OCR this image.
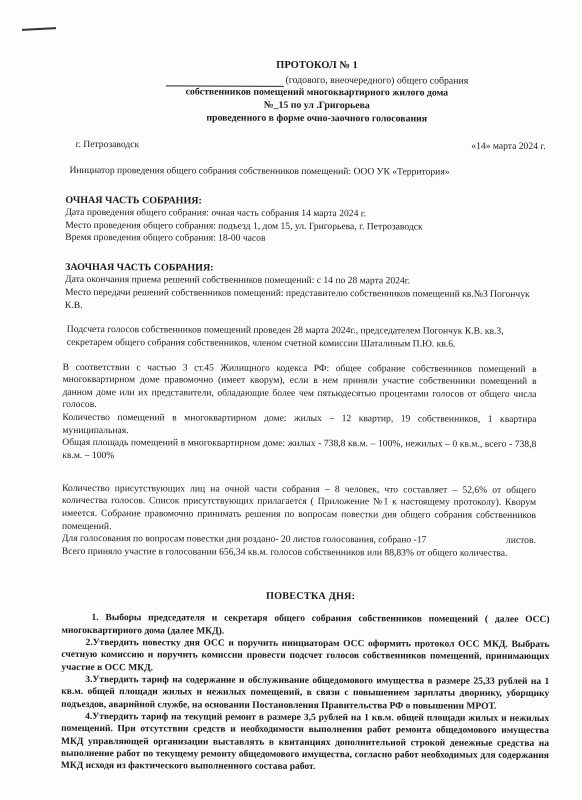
ПРОТОКОЛ № 1
(годового, внеочередного) общего собрания
собственников помещений многоквартирного жилого дома
№_15 по ул .Григорьева
проведенного в форме очно-заочного голосования
г. Петрозаводск	«14» марта 2024 г.

Инициатор проведения общего собрания собственников помещений: ООО УК «Территория»

ОЧНАЯ ЧАСТЬ СОБРАНИЯ:

Дата проведения общего собрания: очная часть собрания 14 марта 2024 г.

Место проведения общего собрания: подъезд 1, дом 15, ул. Григорьева, г. Петрозаводск

Время проведения общего собрания: 18-00 часов

ЗАОЧНАЯ ЧАСТЬ СОБРАНИЯ:

Дата окончания приема решений собственников помещений: с 14 по 28 марта 2024г.

Место передачи решений собственников помещений: представителю собственников помещений кв.№3 Погончук К.В.

Подсчета голосов собственников помещений проведен 28 марта 2024г., председателем Погончук К.В. кв.3, секретарем общего собрания собственников, членом счетной комиссии Шаталиным П.Ю. кв.6.

В соответствии с частью 3 ст.45 Жилищного кодекса РФ: общее собрание собственников помещений в многоквартирном доме правомочно (имеет кворум), если в нем приняли участие собственники помещений в данном доме или их представители, обладающие более чем пятьюдесятью процентами голосов от общего числа голосов.

Количество помещений в многоквартирном доме: жилых – 12 квартир, 19 собственников, 1 квартира муниципальная.

Общая площадь помещений в многоквартирном доме: жилых - 738,8 кв.м. – 100%, нежилых – 0 кв.м., всего - 738,8 кв.м. – 100%

Количество присутствующих лиц на очной части собрания – 8 человек, что составляет – 52,6% от общего количества голосов. Список присутствующих прилагается ( Приложение №1 к настоящему протоколу). Кворум имеется. Собрание правомочно принимать решения по вопросам повестки дня общего собрания собственников помещений.

Для голосования по вопросам повестки дня роздано- 20 листов голосования, собрано -17	листов.

Всего приняло участие в голосовании 656,34 кв.м. голосов собственников или 88,83% от общего количества.

ПОВЕСТКА ДНЯ:

1. Выборы председателя и секретаря общего собрания собственников помещений ( далее ОСС) многоквартирного дома (далее МКД).

2.Утвердить повестку дня ОСС и поручить инициаторам ОСС оформить протокол ОСС МКД. Выбрать счетную комиссию и поручить комиссии провести подсчет голосов собственников помещений, принимающих участие в ОСС МКД.

3.Утвердить тариф на содержание и обслуживание общедомового имущества в размере 25,33 рублей на 1 кв.м. общей площади жилых и нежилых помещений, в связи с повышением зарплаты дворнику, уборщику подъездов, аварийной службе, на основании Постановления Правительства РФ о повышении МРОТ.

4.Утвердить тариф на текущий ремонт в размере 3,5 рублей на 1 кв.м. общей площади жилых и нежилых помещений. При отсутствии средств и необходимости выполнения работ ремонта общедомового имущества МКД управляющей организации выставлять в квитанциях дополнительной строкой денежные средства на выполнение работ по текущему ремонту общедомового имущества, согласно работ необходимых для содержания МКД исходя из фактического выполненного состава работ.
